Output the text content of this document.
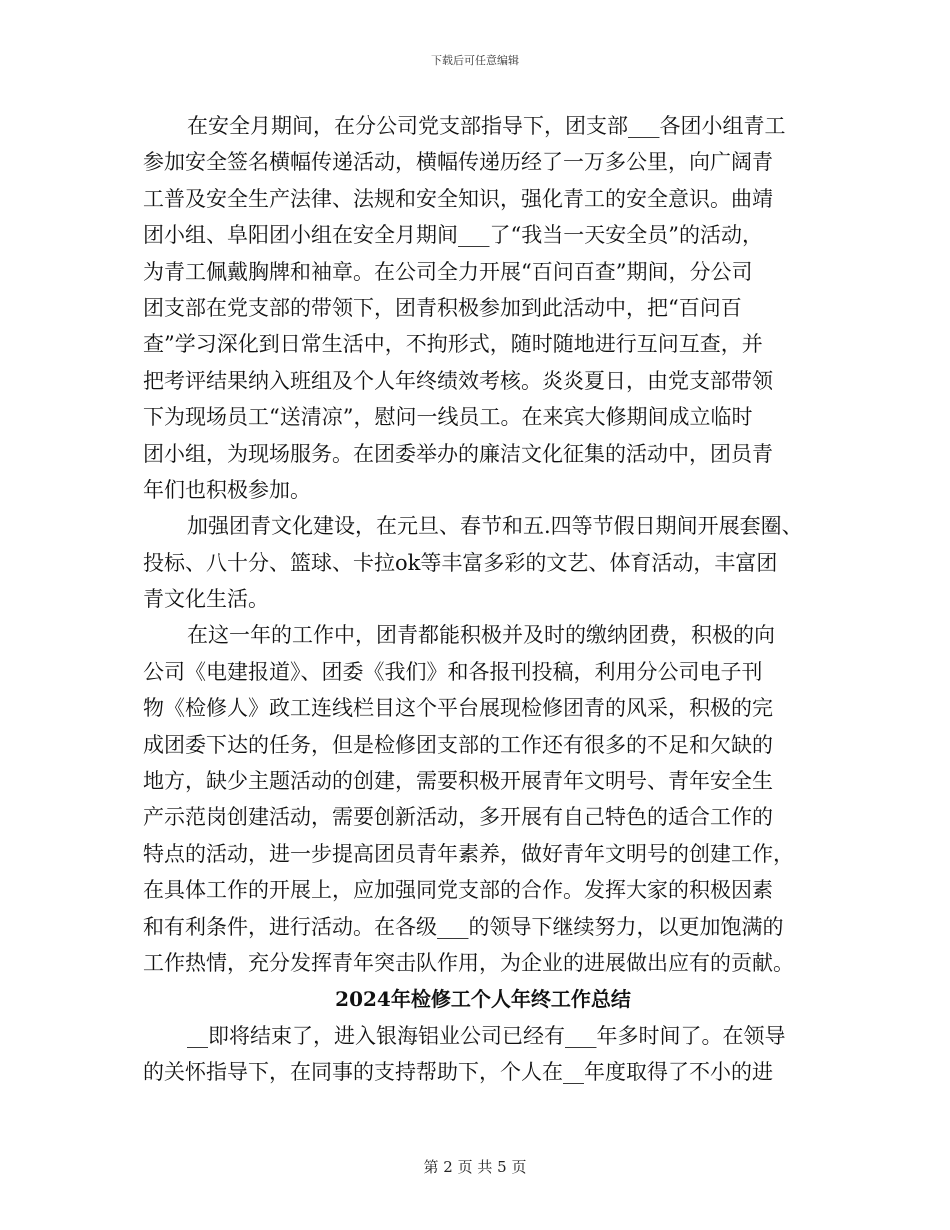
下载后可任意编辑
在安全月期间，在分公司党支部指导下，团支部___各团小组青工
参加安全签名横幅传递活动，横幅传递历经了一万多公里，向广阔青
工普及安全生产法律、法规和安全知识，强化青工的安全意识。曲靖
团小组、阜阳团小组在安全月期间___了“我当一天安全员”的活动，
为青工佩戴胸牌和袖章。在公司全力开展“百问百查”期间，分公司
团支部在党支部的带领下，团青积极参加到此活动中，把“百问百
查”学习深化到日常生活中，不拘形式，随时随地进行互问互查，并
把考评结果纳入班组及个人年终绩效考核。炎炎夏日，由党支部带领
下为现场员工“送清凉”，慰问一线员工。在来宾大修期间成立临时
团小组，为现场服务。在团委举办的廉洁文化征集的活动中，团员青
年们也积极参加。
加强团青文化建设，在元旦、春节和五.四等节假日期间开展套圈、
投标、八十分、篮球、卡拉ok等丰富多彩的文艺、体育活动，丰富团
青文化生活。
在这一年的工作中，团青都能积极并及时的缴纳团费，积极的向
公司《电建报道》、团委《我们》和各报刊投稿，利用分公司电子刊
物《检修人》政工连线栏目这个平台展现检修团青的风采，积极的完
成团委下达的任务，但是检修团支部的工作还有很多的不足和欠缺的
地方，缺少主题活动的创建，需要积极开展青年文明号、青年安全生
产示范岗创建活动，需要创新活动，多开展有自己特色的适合工作的
特点的活动，进一步提高团员青年素养，做好青年文明号的创建工作，
在具体工作的开展上，应加强同党支部的合作。发挥大家的积极因素
和有利条件，进行活动。在各级___的领导下继续努力，以更加饱满的
工作热情，充分发挥青年突击队作用，为企业的进展做出应有的贡献。
2024年检修工个人年终工作总结
__即将结束了，进入银海铝业公司已经有___年多时间了。在领导
的关怀指导下，在同事的支持帮助下，个人在__年度取得了不小的进
第 2 页 共 5 页
